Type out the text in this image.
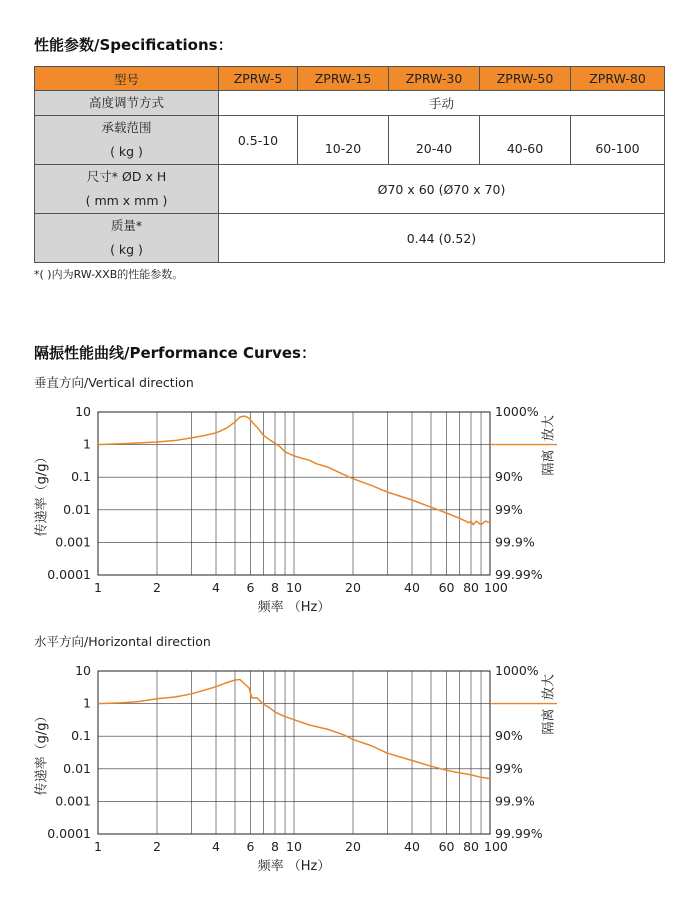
性能参数/Specifications：
型号	ZPRW-5	ZPRW-15	ZPRW-30	ZPRW-50	ZPRW-80
高度调节方式	手动				

承载范围
( kg )	0.5-10	10-20	20-40	40-60	60-100

尺寸* ØD x H
( mm x mm )	Ø70 x 60 (Ø70 x 70)				

质量*
( kg )	0.44 (0.52)				
*( )内为RW-XXB的性能参数。
隔振性能曲线/Performance Curves：
垂直方向/Vertical direction
1	2	4 6 8 10	20	40 60 80 100
10
1
0.1
0.01
0.001
0.0001
1000%
90%
99%
99.9%
99.99%
放大
隔离
传递率（g/g）
频率 （Hz）
水平方向/Horizontal direction
1	2	4 6 8 10	20	40 60 80 100
10
1
0.1
0.01
0.001
0.0001
1000%
90%
99%
99.9%
99.99%
放大
隔离
传递率（g/g）
频率 （Hz）
